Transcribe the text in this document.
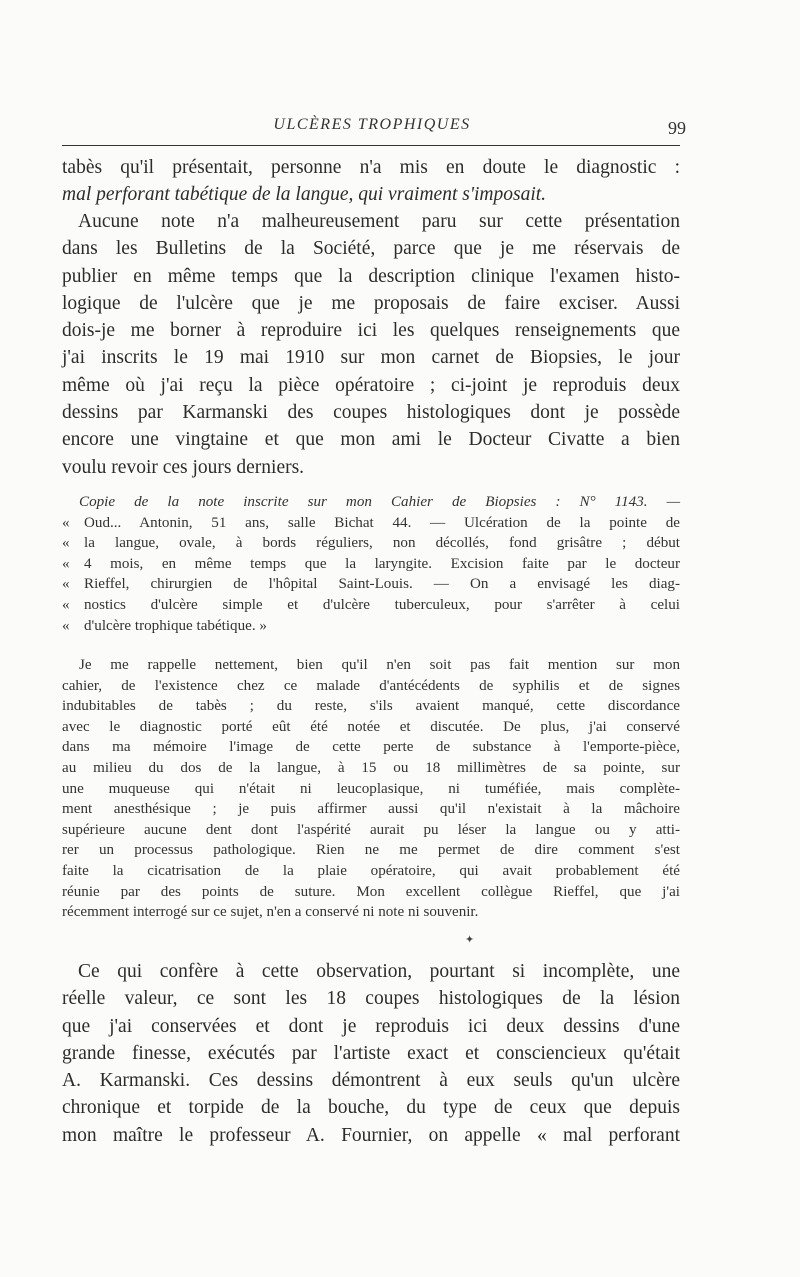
ULCÈRES TROPHIQUES	99
tabès qu'il présentait, personne n'a mis en doute le diagnostic :
mal perforant tabétique de la langue, qui vraiment s'imposait.
Aucune note n'a malheureusement paru sur cette présentation
dans les Bulletins de la Société, parce que je me réservais de
publier en même temps que la description clinique l'examen histo-
logique de l'ulcère que je me proposais de faire exciser. Aussi
dois-je me borner à reproduire ici les quelques renseignements que
j'ai inscrits le 19 mai 1910 sur mon carnet de Biopsies, le jour
même où j'ai reçu la pièce opératoire ; ci-joint je reproduis deux
dessins par Karmanski des coupes histologiques dont je possède
encore une vingtaine et que mon ami le Docteur Civatte a bien
voulu revoir ces jours derniers.
Copie de la note inscrite sur mon Cahier de Biopsies : N° 1143. —
« Oud... Antonin, 51 ans, salle Bichat 44. — Ulcération de la pointe de
« la langue, ovale, à bords réguliers, non décollés, fond grisâtre ; début
« 4 mois, en même temps que la laryngite. Excision faite par le docteur
« Rieffel, chirurgien de l'hôpital Saint-Louis. — On a envisagé les diag-
« nostics d'ulcère simple et d'ulcère tuberculeux, pour s'arrêter à celui
« d'ulcère trophique tabétique. »
Je me rappelle nettement, bien qu'il n'en soit pas fait mention sur mon
cahier, de l'existence chez ce malade d'antécédents de syphilis et de signes
indubitables de tabès ; du reste, s'ils avaient manqué, cette discordance
avec le diagnostic porté eût été notée et discutée. De plus, j'ai conservé
dans ma mémoire l'image de cette perte de substance à l'emporte-pièce,
au milieu du dos de la langue, à 15 ou 18 millimètres de sa pointe, sur
une muqueuse qui n'était ni leucoplasique, ni tuméfiée, mais complète-
ment anesthésique ; je puis affirmer aussi qu'il n'existait à la mâchoire
supérieure aucune dent dont l'aspérité aurait pu léser la langue ou y atti-
rer un processus pathologique. Rien ne me permet de dire comment s'est
faite la cicatrisation de la plaie opératoire, qui avait probablement été
réunie par des points de suture. Mon excellent collègue Rieffel, que j'ai
récemment interrogé sur ce sujet, n'en a conservé ni note ni souvenir.
✦
Ce qui confère à cette observation, pourtant si incomplète, une
réelle valeur, ce sont les 18 coupes histologiques de la lésion
que j'ai conservées et dont je reproduis ici deux dessins d'une
grande finesse, exécutés par l'artiste exact et consciencieux qu'était
A. Karmanski. Ces dessins démontrent à eux seuls qu'un ulcère
chronique et torpide de la bouche, du type de ceux que depuis
mon maître le professeur A. Fournier, on appelle « mal perforant
